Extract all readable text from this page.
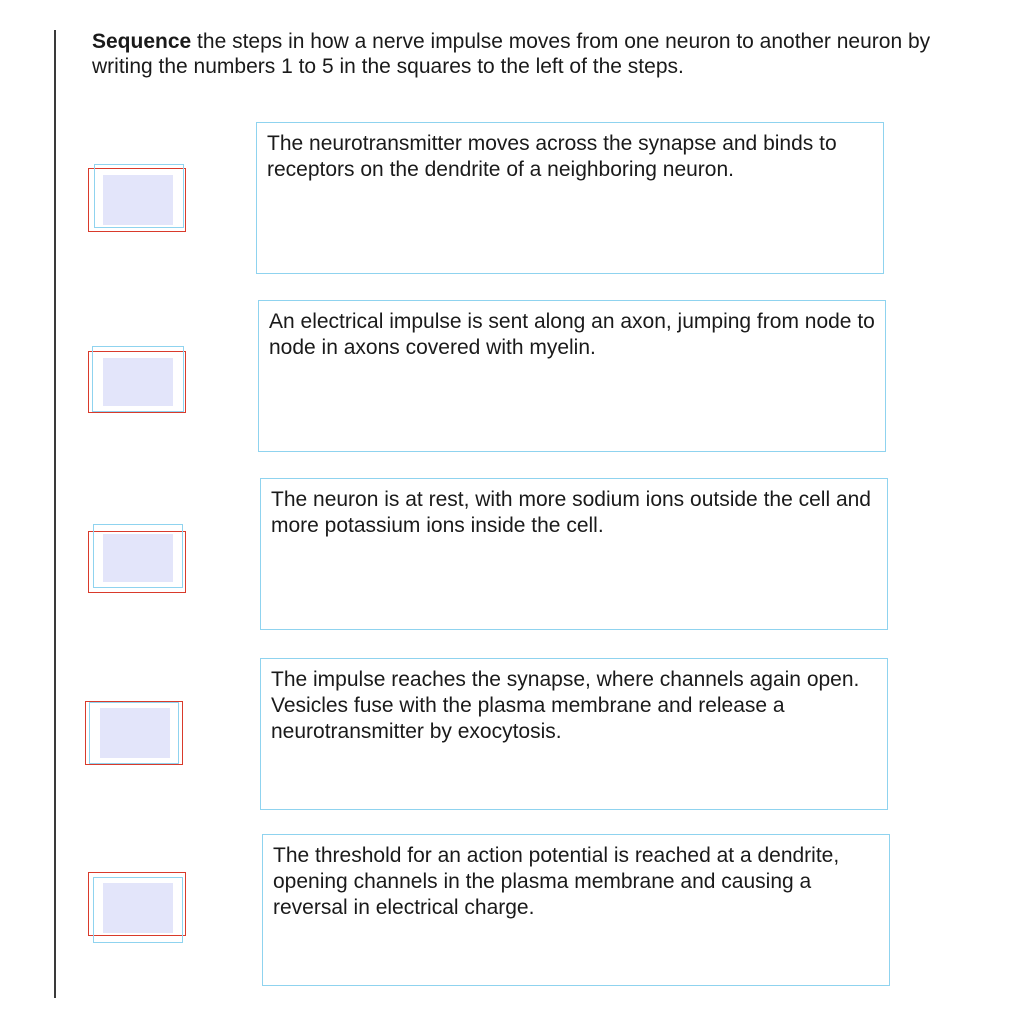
Sequence the steps in how a nerve impulse moves from one neuron to another neuron by writing the numbers 1 to 5 in the squares to the left of the steps.

The neurotransmitter moves across the synapse and binds to receptors on the dendrite of a neighboring neuron.
An electrical impulse is sent along an axon, jumping from node to node in axons covered with myelin.
The neuron is at rest, with more sodium ions outside the cell and more potassium ions inside the cell.
The impulse reaches the synapse, where channels again open. Vesicles fuse with the plasma membrane and release a neurotransmitter by exocytosis.
The threshold for an action potential is reached at a dendrite, opening channels in the plasma membrane and causing a reversal in electrical charge.
